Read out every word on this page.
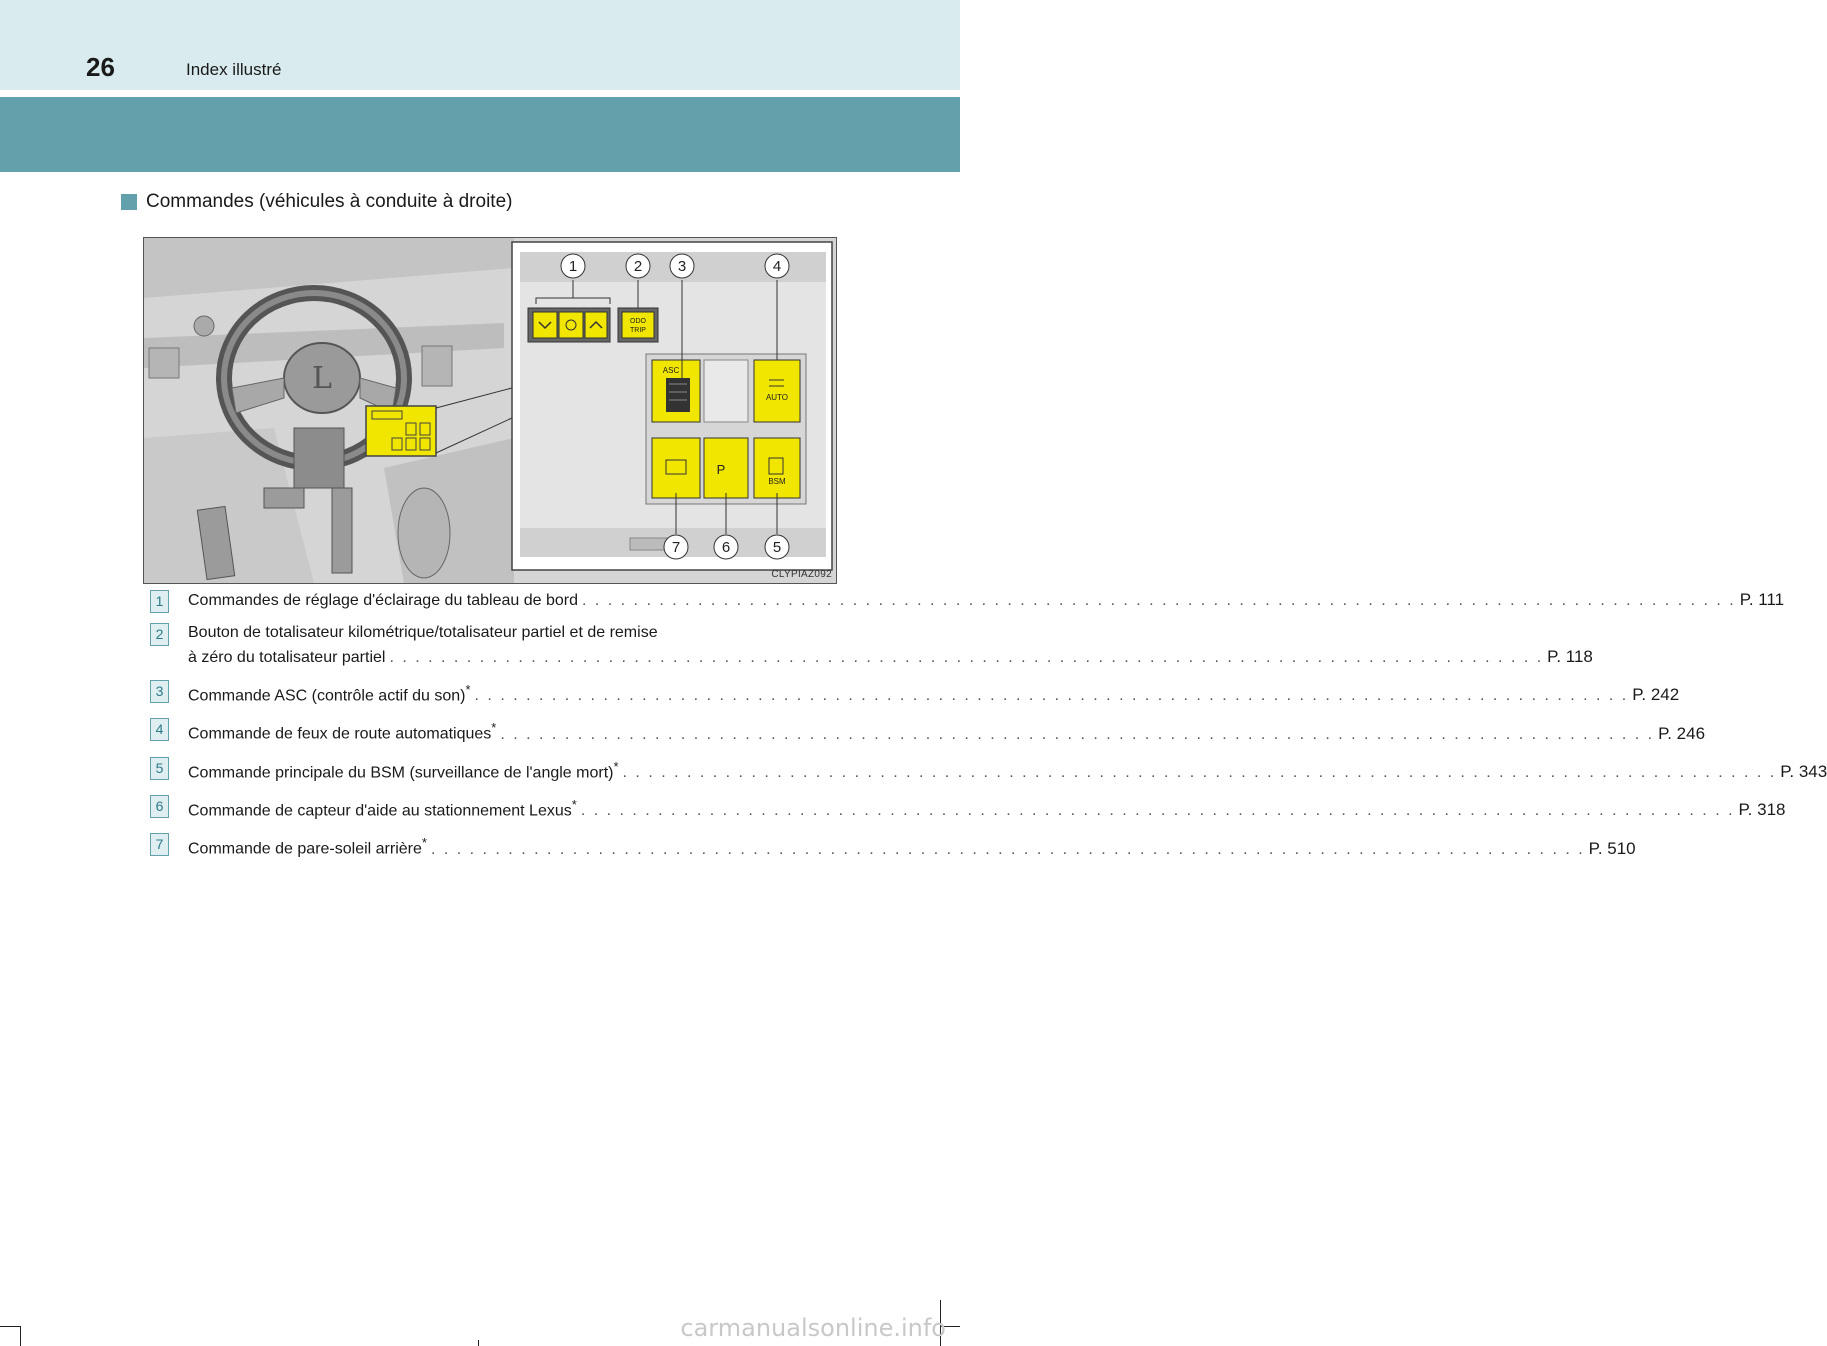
26	Index illustré
Commandes (véhicules à conduite à droite)
L
ODO
TRIP
ASC
AUTO
P
BSM
1	2 3	4
5
6
7
CLYPIAZ092
1	Commandes de réglage d'éclairage du tableau de bord . . .	P. 111
2	Bouton de totalisateur kilométrique/totalisateur partiel et de remise
à zéro du totalisateur partiel . . .	P. 118
3	Commande ASC (contrôle actif du son)* . . .	P. 242
4	Commande de feux de route automatiques* . . .	P. 246
5	Commande principale du BSM (surveillance de l'angle mort)* . . .	P. 343
6	Commande de capteur d'aide au stationnement Lexus* . . .	P. 318
7	Commande de pare-soleil arrière* . . .	P. 510
carmanualsonline.info
